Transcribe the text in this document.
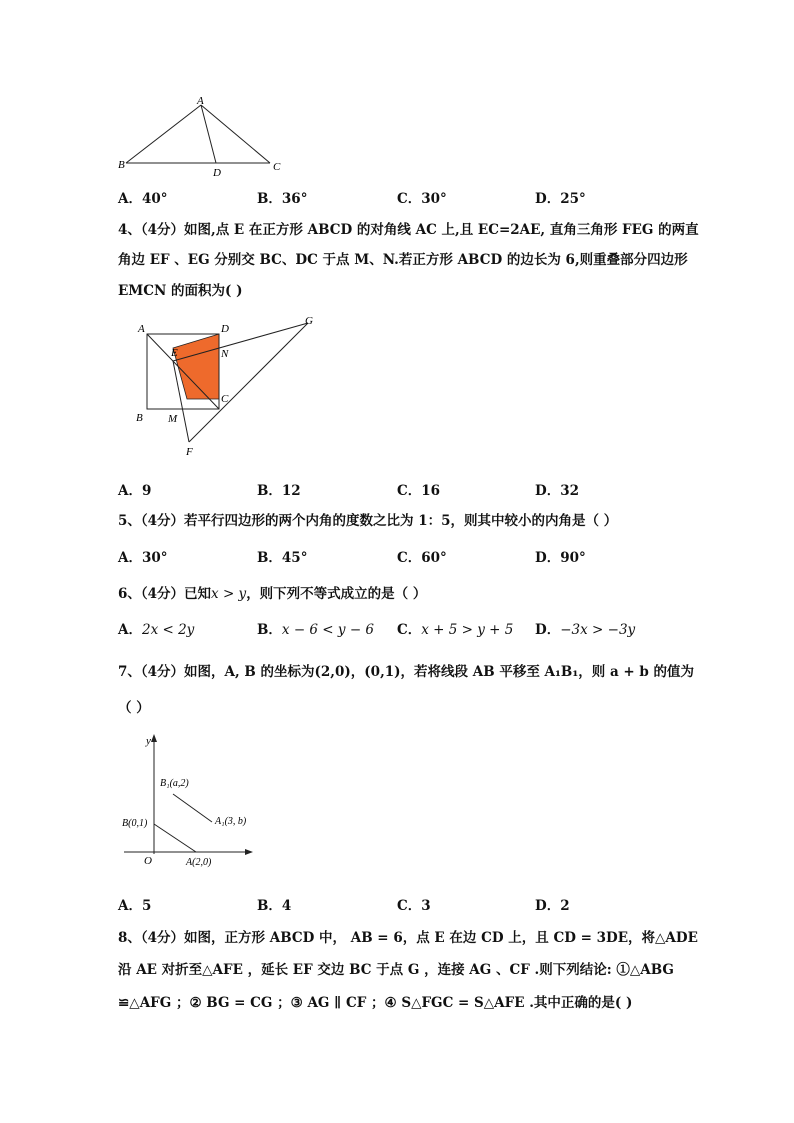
A
B	C
D
A．40°	B．36°	C．30°	D．25°
4、（4分）如图,点 E 在正方形 ABCD 的对角线 AC 上,且 EC=2AE, 直角三角形 FEG 的两直
角边 EF 、EG 分别交 BC、DC 于点 M、N.若正方形 ABCD 的边长为 6,则重叠部分四边形
EMCN 的面积为( )
A	D
G
E	N
C
B M
F
A．9	B．12	C．16	D．32
5、（4分）若平行四边形的两个内角的度数之比为 1：5，则其中较小的内角是（ ）
A．30°	B．45°	C．60°	D．90°
6、（4分）已知x > y，则下列不等式成立的是（ ）
A．2x < 2y	B．x − 6 < y − 6 C．x + 5 > y + 5 D．−3x > −3y
7、（4分）如图，A, B 的坐标为(2,0)，(0,1)，若将线段 AB 平移至 A₁B₁，则 a + b 的值为
（ ）
y
O
B₁(a,2)
A₁(3, b)
B(0,1)
A(2,0)
A．5	B．4	C．3	D．2
8、（4分）如图，正方形 ABCD 中， AB = 6，点 E 在边 CD 上，且 CD = 3DE，将△ADE
沿 AE 对折至△AFE ，延长 EF 交边 BC 于点 G ，连接 AG 、CF .则下列结论: ①△ABG
≌△AFG ；② BG = CG ；③ AG ∥ CF ；④ S△FGC = S△AFE .其中正确的是( )
